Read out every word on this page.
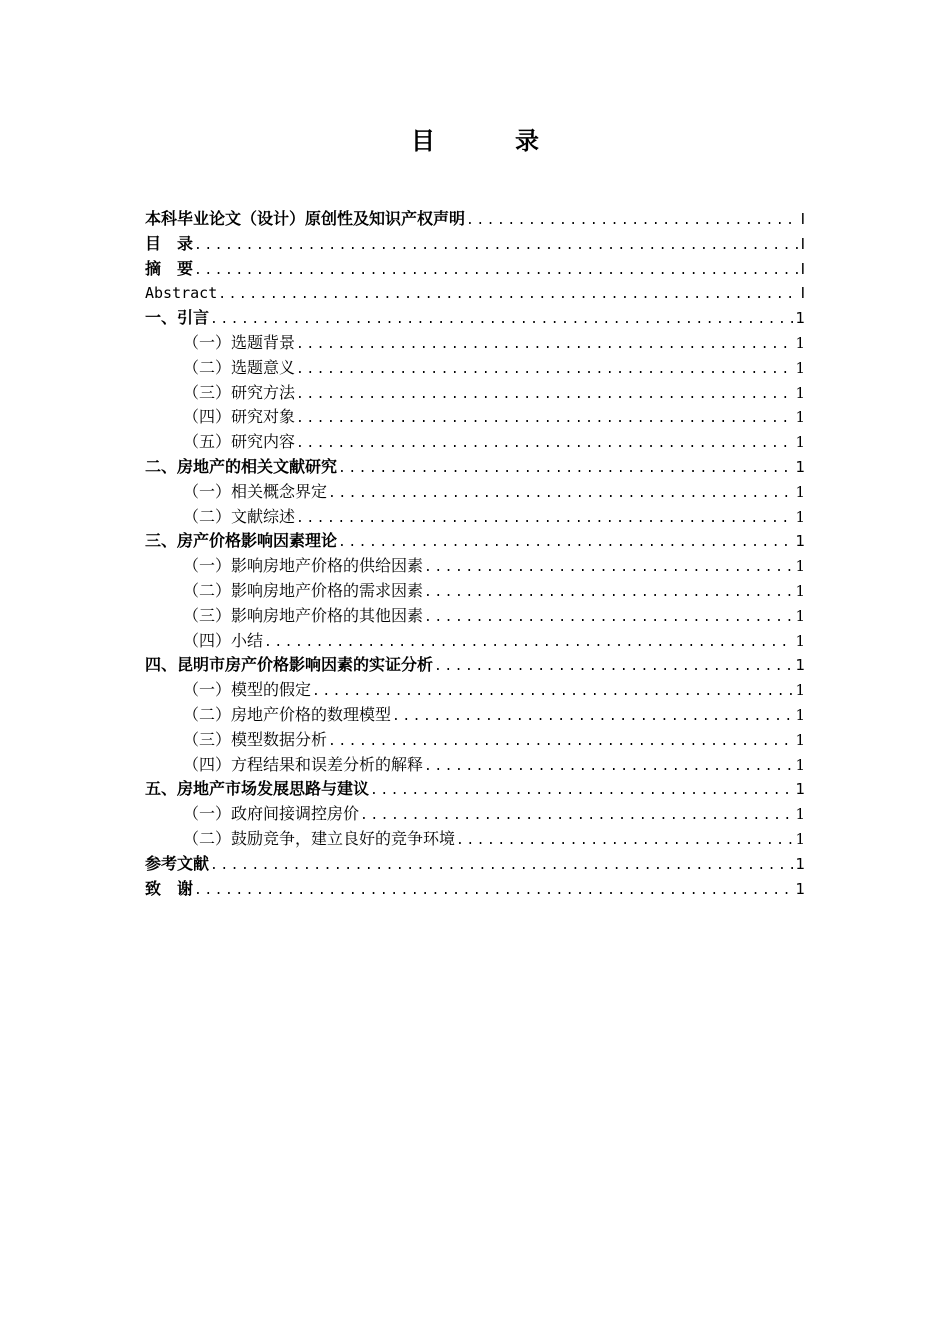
目　录
本科毕业论文（设计）原创性及知识产权声明 .....	I
目　录 .....	I
摘　要 .....	I
Abstract .....	I
一、引言 .....	1
（一）选题背景 .....	1
（二）选题意义 .....	1
（三）研究方法 .....	1
（四）研究对象 .....	1
（五）研究内容 .....	1
二、房地产的相关文献研究 .....	1
（一）相关概念界定 .....	1
（二）文献综述 .....	1
三、房产价格影响因素理论 .....	1
（一）影响房地产价格的供给因素 .....	1
（二）影响房地产价格的需求因素 .....	1
（三）影响房地产价格的其他因素 .....	1
（四）小结 .....	1
四、昆明市房产价格影响因素的实证分析 .....	1
（一）模型的假定 .....	1
（二）房地产价格的数理模型 .....	1
（三）模型数据分析 .....	1
（四）方程结果和误差分析的解释 .....	1
五、房地产市场发展思路与建议 .....	1
（一）政府间接调控房价 .....	1
（二）鼓励竞争，建立良好的竞争环境 .....	1
参考文献 .....	1
致　谢 .....	1
